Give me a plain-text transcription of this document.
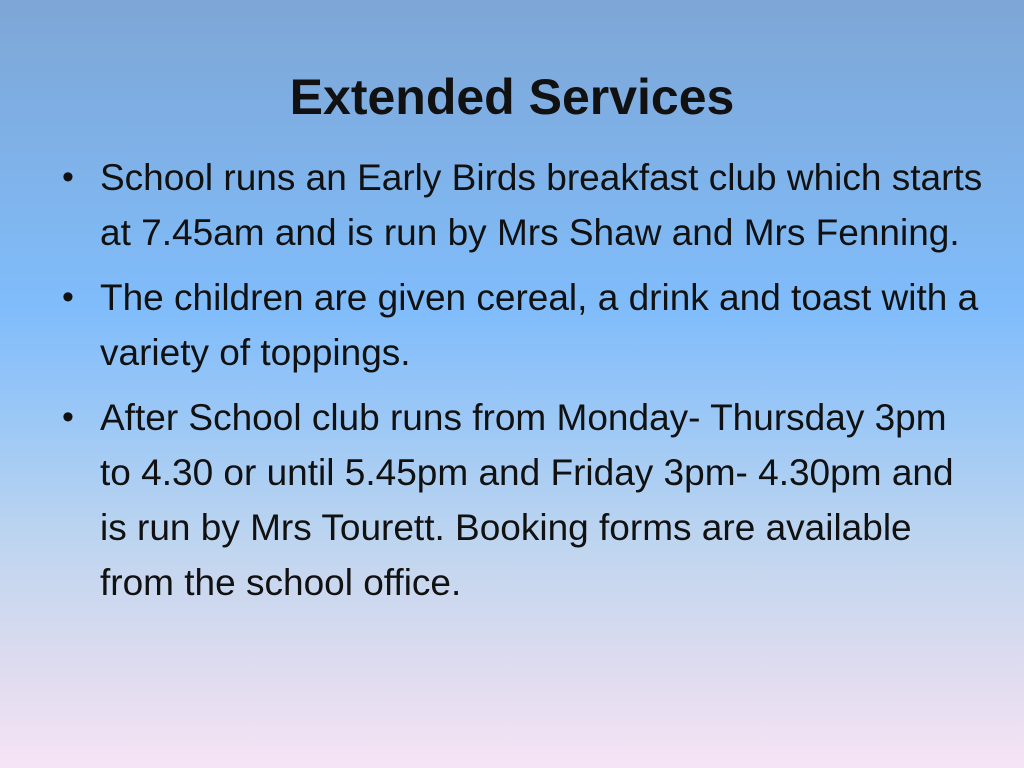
Extended Services
• School runs an Early Birds breakfast club which starts at 7.45am and is run by Mrs Shaw and Mrs Fenning.
• The children are given cereal, a drink and toast with a variety of toppings.
• After School club runs from Monday- Thursday 3pm to 4.30 or until 5.45pm and Friday 3pm- 4.30pm and is run by Mrs Tourett. Booking forms are available from the school office.
